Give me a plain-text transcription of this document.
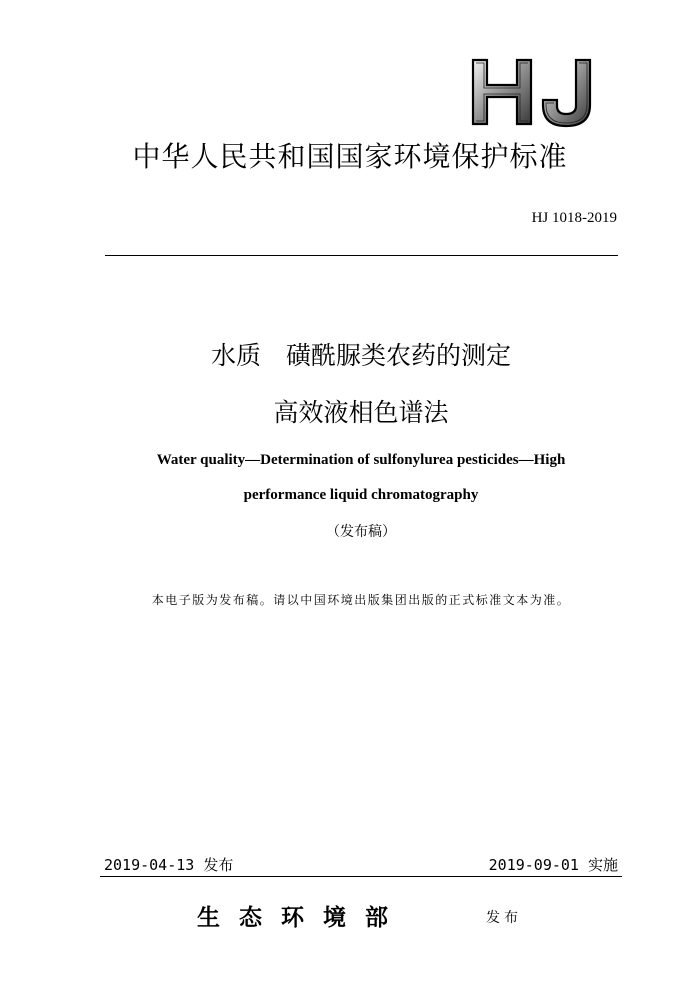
中华人民共和国国家环境保护标准
HJ 1018-2019
水质　磺酰脲类农药的测定
高效液相色谱法
Water quality—Determination of sulfonylurea pesticides—High
performance liquid chromatography
（发布稿）
本电子版为发布稿。请以中国环境出版集团出版的正式标准文本为准。
2019-04-13 发布	2019-09-01 实施
生态环境部	发布
